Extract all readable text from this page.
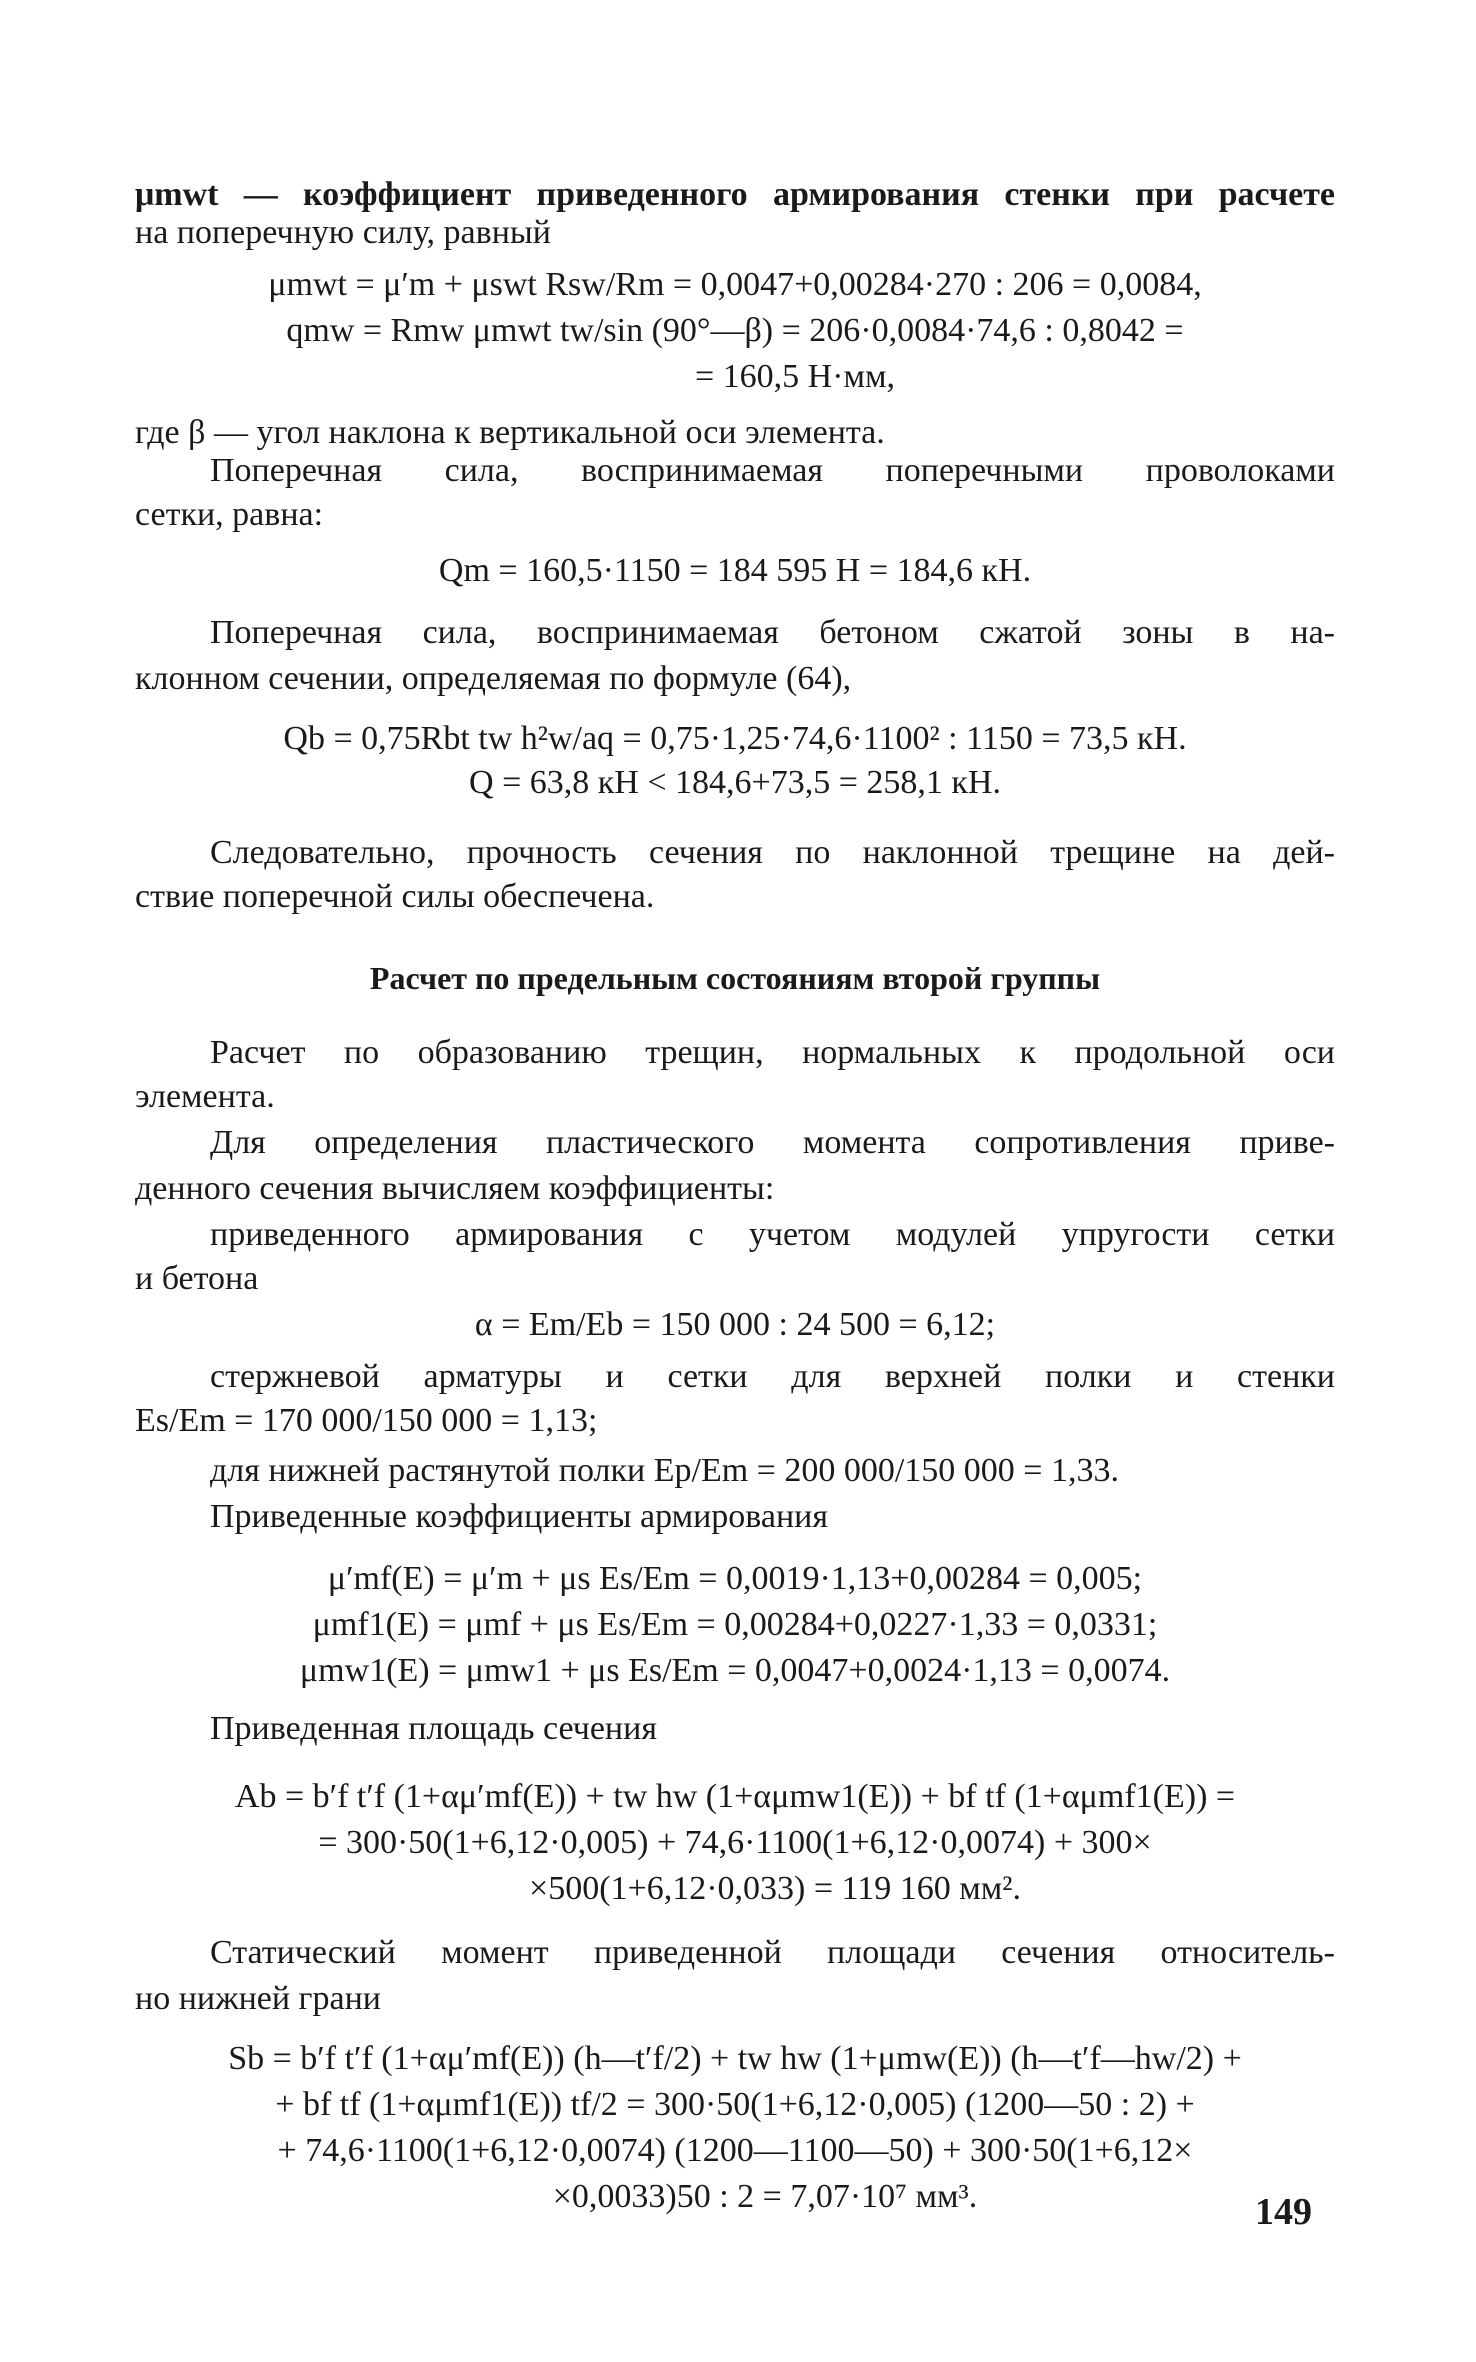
μmwt — коэффициент приведенного армирования стенки при расчете
на поперечную силу, равный
μmwt = μ′m + μswt Rsw/Rm = 0,0047+0,00284·270 : 206 = 0,0084,
qmw = Rmw μmwt tw/sin (90°—β) = 206·0,0084·74,6 : 0,8042 =
= 160,5 Н·мм,
где β — угол наклона к вертикальной оси элемента.
Поперечная сила, воспринимаемая поперечными проволоками
сетки, равна:
Qm = 160,5·1150 = 184 595 Н = 184,6 кН.
Поперечная сила, воспринимаемая бетоном сжатой зоны в на-
клонном сечении, определяемая по формуле (64),
Qb = 0,75Rbt tw h²w/aq = 0,75·1,25·74,6·1100² : 1150 = 73,5 кН.
Q = 63,8 кН < 184,6+73,5 = 258,1 кН.
Следовательно, прочность сечения по наклонной трещине на дей-
ствие поперечной силы обеспечена.
Расчет по предельным состояниям второй группы
Расчет по образованию трещин, нормальных к продольной оси
элемента.
Для определения пластического момента сопротивления приве-
денного сечения вычисляем коэффициенты:
приведенного армирования с учетом модулей упругости сетки
и бетона
α = Em/Eb = 150 000 : 24 500 = 6,12;
стержневой арматуры и сетки для верхней полки и стенки
Es/Em = 170 000/150 000 = 1,13;
для нижней растянутой полки Ep/Em = 200 000/150 000 = 1,33.
Приведенные коэффициенты армирования
μ′mf(E) = μ′m + μs Es/Em = 0,0019·1,13+0,00284 = 0,005;
μmf1(E) = μmf + μs Es/Em = 0,00284+0,0227·1,33 = 0,0331;
μmw1(E) = μmw1 + μs Es/Em = 0,0047+0,0024·1,13 = 0,0074.
Приведенная площадь сечения
Ab = b′f t′f (1+αμ′mf(E)) + tw hw (1+αμmw1(E)) + bf tf (1+αμmf1(E)) =
= 300·50(1+6,12·0,005) + 74,6·1100(1+6,12·0,0074) + 300×
×500(1+6,12·0,033) = 119 160 мм².
Статический момент приведенной площади сечения относитель-
но нижней грани
Sb = b′f t′f (1+αμ′mf(E)) (h—t′f/2) + tw hw (1+μmw(E)) (h—t′f—hw/2) +
+ bf tf (1+αμmf1(E)) tf/2 = 300·50(1+6,12·0,005) (1200—50 : 2) +
+ 74,6·1100(1+6,12·0,0074) (1200—1100—50) + 300·50(1+6,12×
×0,0033)50 : 2 = 7,07·10⁷ мм³.	149
